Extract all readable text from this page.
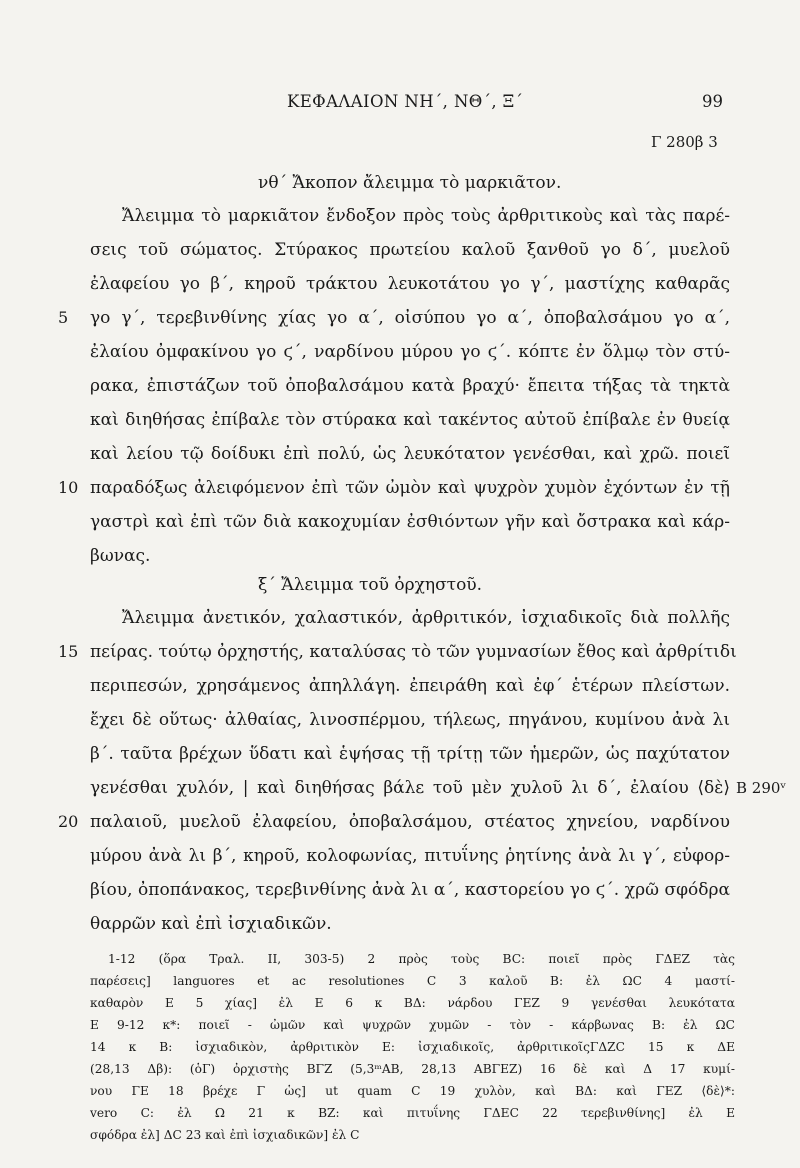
ΚΕΦΑΛΑΙΟΝ ΝΗ΄, ΝΘ΄, Ξ΄	99
Γ 280β 3
νθ΄ Ἄκοπον ἄλειμμα τὸ μαρκιᾶτον.
Ἄλειμμα τὸ μαρκιᾶτον ἔνδοξον πρὸς τοὺς ἀρθριτικοὺς καὶ τὰς παρέ-
σεις τοῦ σώματος. Στύρακος πρωτείου καλοῦ ξανθοῦ γο δ΄, μυελοῦ
ἐλαφείου γο β΄, κηροῦ τράκτου λευκοτάτου γο γ΄, μαστίχης καθαρᾶς
5	γο γ΄, τερεβινθίνης χίας γο α΄, οἰσύπου γο α΄, ὀποβαλσάμου γο α΄,
ἐλαίου ὀμφακίνου γο ϛ΄, ναρδίνου μύρου γο ϛ΄. κόπτε ἐν ὅλμῳ τὸν στύ-
ρακα, ἐπιστάζων τοῦ ὀποβαλσάμου κατὰ βραχύ· ἔπειτα τήξας τὰ τηκτὰ
καὶ διηθήσας ἐπίβαλε τὸν στύρακα καὶ τακέντος αὐτοῦ ἐπίβαλε ἐν θυείᾳ
καὶ λείου τῷ δοίδυκι ἐπὶ πολύ, ὡς λευκότατον γενέσθαι, καὶ χρῶ. ποιεῖ
10 παραδόξως ἀλειφόμενον ἐπὶ τῶν ὠμὸν καὶ ψυχρὸν χυμὸν ἐχόντων ἐν τῇ
γαστρὶ καὶ ἐπὶ τῶν διὰ κακοχυμίαν ἐσθιόντων γῆν καὶ ὄστρακα καὶ κάρ-
βωνας.
ξ΄ Ἄλειμμα τοῦ ὀρχηστοῦ.
Ἄλειμμα ἀνετικόν, χαλαστικόν, ἀρθριτικόν, ἰσχιαδικοῖς διὰ πολλῆς
15 πείρας. τούτῳ ὀρχηστής, καταλύσας τὸ τῶν γυμνασίων ἔθος καὶ ἀρθρίτιδι
περιπεσών, χρησάμενος ἀπηλλάγη. ἐπειράθη καὶ ἐφ΄ ἑτέρων πλείστων.
ἔχει δὲ οὕτως· ἀλθαίας, λινοσπέρμου, τήλεως, πηγάνου, κυμίνου ἀνὰ λι
β΄. ταῦτα βρέχων ὕδατι καὶ ἑψήσας τῇ τρίτῃ τῶν ἡμερῶν, ὡς παχύτατον
γενέσθαι χυλόν, | καὶ διηθήσας βάλε τοῦ μὲν χυλοῦ λι δ΄, ἐλαίου ⟨δὲ⟩ B 290ᵛ
20 παλαιοῦ, μυελοῦ ἐλαφείου, ὀποβαλσάμου, στέατος χηνείου, ναρδίνου
μύρου ἀνὰ λι β΄, κηροῦ, κολοφωνίας, πιτυΐνης ῥητίνης ἀνὰ λι γ΄, εὐφορ-
βίου, ὀποπάνακος, τερεβινθίνης ἀνὰ λι α΄, καστορείου γο ϛ΄. χρῶ σφόδρα
θαρρῶν καὶ ἐπὶ ἰσχιαδικῶν.
1-12 (ὅρα Τραλ. II, 303-5) 2 πρὸς τοὺς BC: ποιεῖ πρὸς ΓΔΕΖ τὰς
παρέσεις] languores et ac resolutiones C 3 καλοῦ B: ἐλ ΩC 4 μαστί-
καθαρὸν E 5 χίας] ἐλ E 6 κ ΒΔ: νάρδου ΓΕΖ 9 γενέσθαι λευκότατα
E 9-12 κ*: ποιεῖ - ὠμῶν καὶ ψυχρῶν χυμῶν - τὸν - κάρβωνας B: ἐλ ΩC
14 κ B: ἰσχιαδικὸν, ἀρθριτικὸν E: ἰσχιαδικοῖς, ἀρθριτικοῖςΓΔΖC 15 κ ΔΕ
(28,13 Δβ): (ὁΓ) ὀρχιστὴς ΒΓΖ (5,3ᵐΑΒ, 28,13 ΑΒΓΕΖ) 16 δὲ καὶ Δ 17 κυμί-
νου ΓΕ 18 βρέχε Γ ὡς] ut quam C 19 χυλὸν, καὶ ΒΔ: καὶ ΓΕΖ ⟨δὲ⟩*:
vero C: ἐλ Ω 21 κ ΒΖ: καὶ πιτυΐνης ΓΔΕC 22 τερεβινθίνης] ἐλ E
σφόδρα ἐλ] ΔC 23 καὶ ἐπὶ ἰσχιαδικῶν] ἐλ C
